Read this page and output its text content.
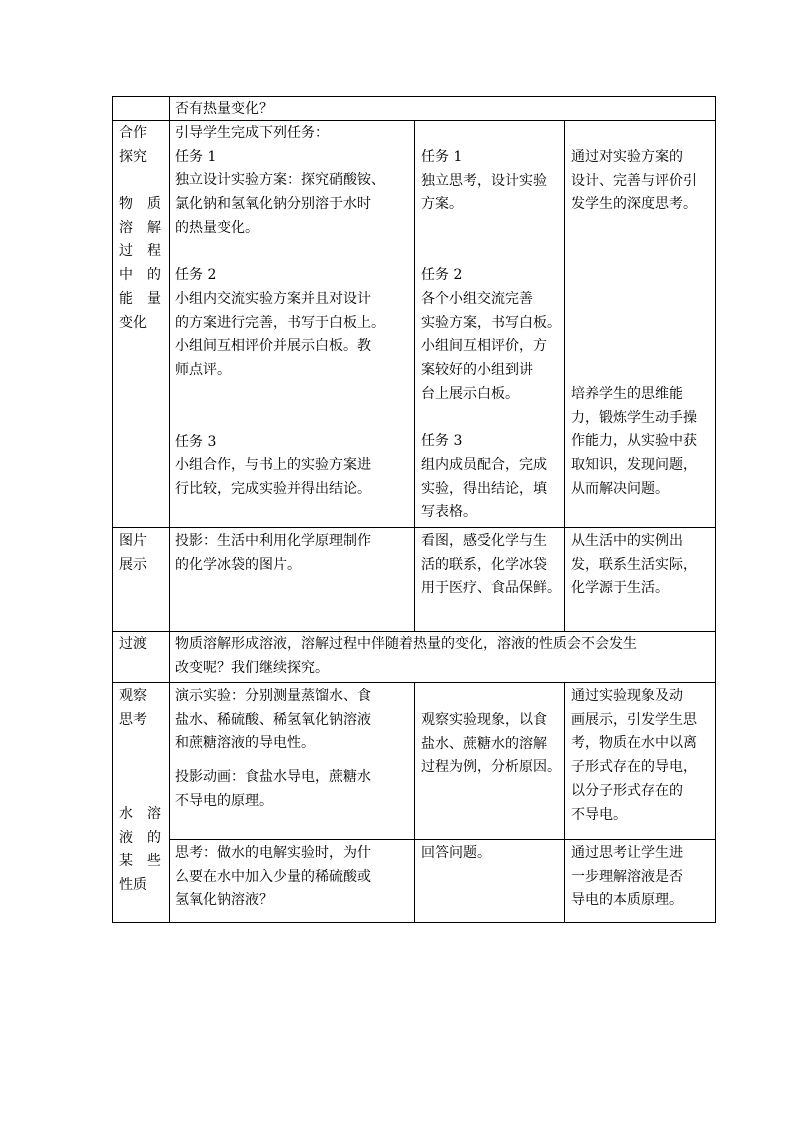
否有热量变化？
合作
探究
物 质
溶 解
过 程
中 的
能 量
变化
引导学生完成下列任务：
任务 1
独立设计实验方案：探究硝酸铵、
氯化钠和氢氧化钠分别溶于水时
的热量变化。

任务 2
小组内交流实验方案并且对设计
的方案进行完善，书写于白板上。
小组间互相评价并展示白板。教
师点评。
任务 3
小组合作，与书上的实验方案进
行比较，完成实验并得出结论。
任务 1
独立思考，设计实验
方案。
任务 2
各个小组交流完善
实验方案，书写白板。
小组间互相评价，方
案较好的小组到讲
台上展示白板。
任务 3
组内成员配合，完成
实验，得出结论，填
写表格。
通过对实验方案的
设计、完善与评价引
发学生的深度思考。
培养学生的思维能
力，锻炼学生动手操
作能力，从实验中获
取知识，发现问题，
从而解决问题。
图片
展示
投影：生活中利用化学原理制作
的化学冰袋的图片。
看图，感受化学与生
活的联系，化学冰袋
用于医疗、食品保鲜。
从生活中的实例出
发，联系生活实际，
化学源于生活。
过渡 物质溶解形成溶液，溶解过程中伴随着热量的变化，溶液的性质会不会发生
改变呢？我们继续探究。
观察
思考
水 溶
液 的
某 些
性质
演示实验：分别测量蒸馏水、食
盐水、稀硫酸、稀氢氧化钠溶液
和蔗糖溶液的导电性。
投影动画：食盐水导电，蔗糖水
不导电的原理。
观察实验现象，以食
盐水、蔗糖水的溶解
过程为例，分析原因。
通过实验现象及动
画展示，引发学生思
考，物质在水中以离
子形式存在的导电，
以分子形式存在的
不导电。
思考：做水的电解实验时，为什
么要在水中加入少量的稀硫酸或
氢氧化钠溶液？
回答问题。	通过思考让学生进
一步理解溶液是否
导电的本质原理。
